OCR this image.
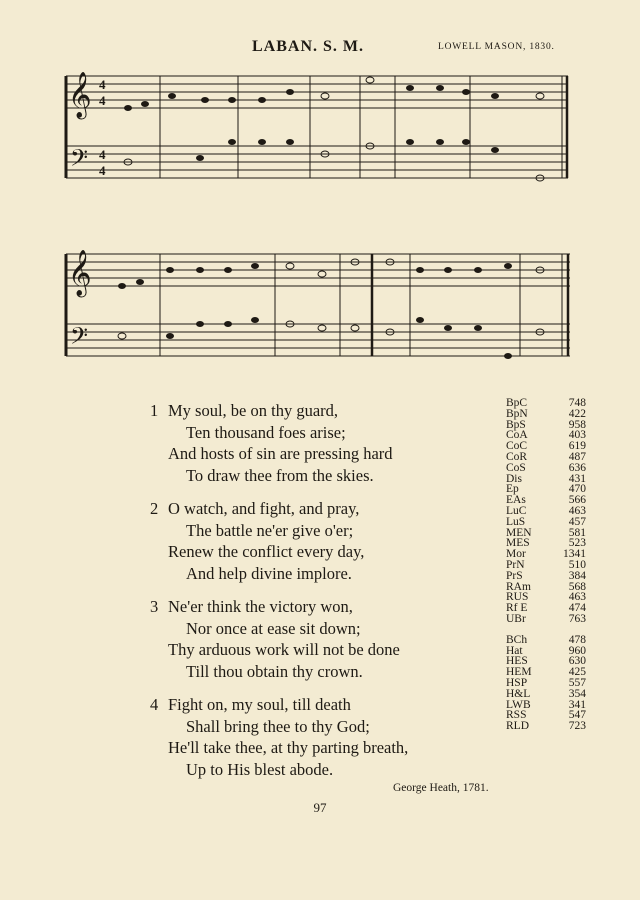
LABAN. S. M.	LOWELL MASON, 1830.
𝄞
𝄢
4
4
4
4
𝄞
𝄢
1 My soul, be on thy guard,
Ten thousand foes arise;
And hosts of sin are pressing hard
To draw thee from the skies.
2 O watch, and fight, and pray,
The battle ne'er give o'er;
Renew the conflict every day,
And help divine implore.
3 Ne'er think the victory won,
Nor once at ease sit down;
Thy arduous work will not be done
Till thou obtain thy crown.
4 Fight on, my soul, till death
Shall bring thee to thy God;
He'll take thee, at thy parting breath,
Up to His blest abode.
George Heath, 1781.
BpC	748
BpN	422
BpS	958
CoA	403
CoC	619
CoR	487
CoS	636
Dis	431
Ep	470
EAs	566
LuC	463
LuS	457
MEN	581
MES	523
Mor	1341
PrN	510
PrS	384
RAm	568
RUS	463
Rf E	474
UBr	763
BCh	478
Hat	960
HES	630
HEM	425
HSP	557
H&L	354
LWB	341
RSS	547
RLD	723
97
